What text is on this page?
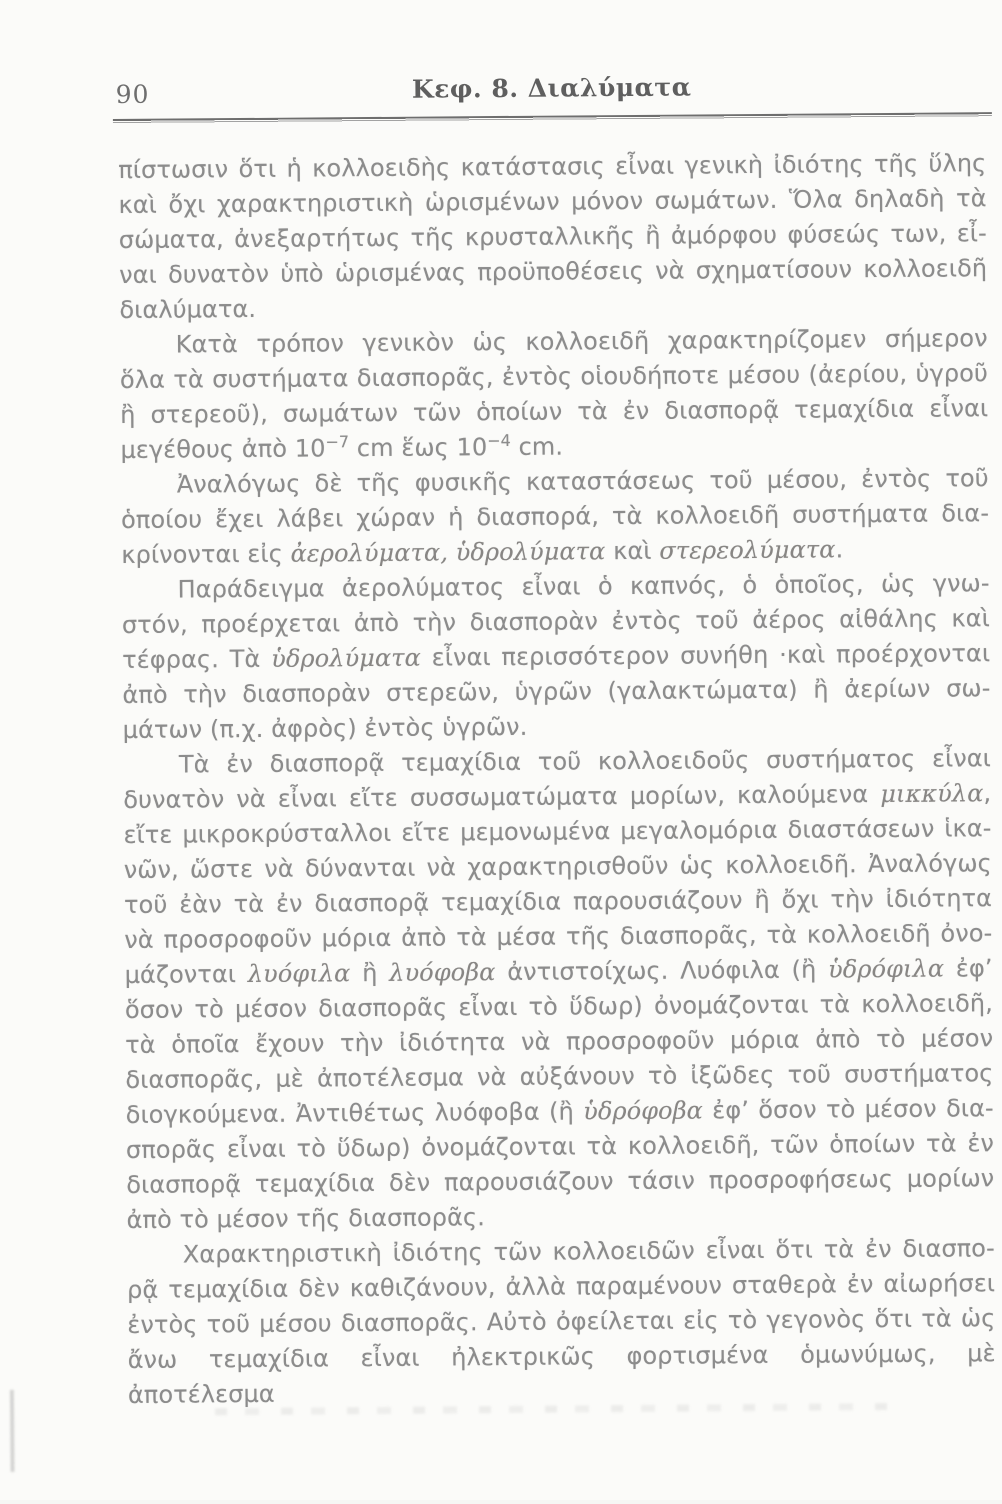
90	Κεφ. 8. Διαλύματα
πίστωσιν ὅτι ἡ κολλοειδὴς κατάστασις εἶναι γενικὴ ἰδιότης τῆς ὕλης
καὶ ὄχι χαρακτηριστικὴ ὡρισμένων μόνον σωμάτων. Ὅλα δηλαδὴ τὰ
σώματα, ἀνεξαρτήτως τῆς κρυσταλλικῆς ἢ ἀμόρφου φύσεώς των, εἶ-
ναι δυνατὸν ὑπὸ ὡρισμένας προϋποθέσεις νὰ σχηματίσουν κολλοειδῆ
διαλύματα.
Κατὰ τρόπον γενικὸν ὡς κολλοειδῆ χαρακτηρίζομεν σήμερον
ὅλα τὰ συστήματα διασπορᾶς, ἐντὸς οἱουδήποτε μέσου (ἀερίου, ὑγροῦ
ἢ στερεοῦ), σωμάτων τῶν ὁποίων τὰ ἐν διασπορᾷ τεμαχίδια εἶναι
μεγέθους ἀπὸ $10^{-7}$ cm ἕως $10^{-4}$ cm.
Ἀναλόγως δὲ τῆς φυσικῆς καταστάσεως τοῦ μέσου, ἐντὸς τοῦ
ὁποίου ἔχει λάβει χώραν ἡ διασπορά, τὰ κολλοειδῆ συστήματα δια-
κρίνονται εἰς ἀερολύματα, ὑδρολύματα καὶ στερεολύματα.
Παράδειγμα ἀερολύματος εἶναι ὁ καπνός, ὁ ὁποῖος, ὡς γνω-
στόν, προέρχεται ἀπὸ τὴν διασπορὰν ἐντὸς τοῦ ἀέρος αἰθάλης καὶ
τέφρας. Τὰ ὑδρολύματα εἶναι περισσότερον συνήθη ·καὶ προέρχονται
ἀπὸ τὴν διασπορὰν στερεῶν, ὑγρῶν (γαλακτώματα) ἢ ἀερίων σω-
μάτων (π.χ. ἀφρὸς) ἐντὸς ὑγρῶν.
Τὰ ἐν διασπορᾷ τεμαχίδια τοῦ κολλοειδοῦς συστήματος εἶναι
δυνατὸν νὰ εἶναι εἴτε συσσωματώματα μορίων, καλούμενα μικκύλα,
εἴτε μικροκρύσταλλοι εἴτε μεμονωμένα μεγαλομόρια διαστάσεων ἱκα-
νῶν, ὥστε νὰ δύνανται νὰ χαρακτηρισθοῦν ὡς κολλοειδῆ. Ἀναλόγως
τοῦ ἐὰν τὰ ἐν διασπορᾷ τεμαχίδια παρουσιάζουν ἢ ὄχι τὴν ἰδιότητα
νὰ προσροφοῦν μόρια ἀπὸ τὰ μέσα τῆς διασπορᾶς, τὰ κολλοειδῆ ὀνο-
μάζονται λυόφιλα ἢ λυόφοβα ἀντιστοίχως. Λυόφιλα (ἢ ὑδρόφιλα ἐφ’
ὅσον τὸ μέσον διασπορᾶς εἶναι τὸ ὕδωρ) ὀνομάζονται τὰ κολλοειδῆ,
τὰ ὁποῖα ἔχουν τὴν ἰδιότητα νὰ προσροφοῦν μόρια ἀπὸ τὸ μέσον
διασπορᾶς, μὲ ἀποτέλεσμα νὰ αὐξάνουν τὸ ἰξῶδες τοῦ συστήματος
διογκούμενα. Ἀντιθέτως λυόφοβα (ἢ ὑδρόφοβα ἐφ’ ὅσον τὸ μέσον δια-
σπορᾶς εἶναι τὸ ὕδωρ) ὀνομάζονται τὰ κολλοειδῆ, τῶν ὁποίων τὰ ἐν
διασπορᾷ τεμαχίδια δὲν παρουσιάζουν τάσιν προσροφήσεως μορίων
ἀπὸ τὸ μέσον τῆς διασπορᾶς.
Χαρακτηριστικὴ ἰδιότης τῶν κολλοειδῶν εἶναι ὅτι τὰ ἐν διασπο-
ρᾷ τεμαχίδια δὲν καθιζάνουν, ἀλλὰ παραμένουν σταθερὰ ἐν αἰωρήσει
ἐντὸς τοῦ μέσου διασπορᾶς. Αὐτὸ ὀφείλεται εἰς τὸ γεγονὸς ὅτι τὰ ὡς
ἄνω τεμαχίδια εἶναι ἠλεκτρικῶς φορτισμένα ὁμωνύμως, μὲ ἀποτέλεσμα
